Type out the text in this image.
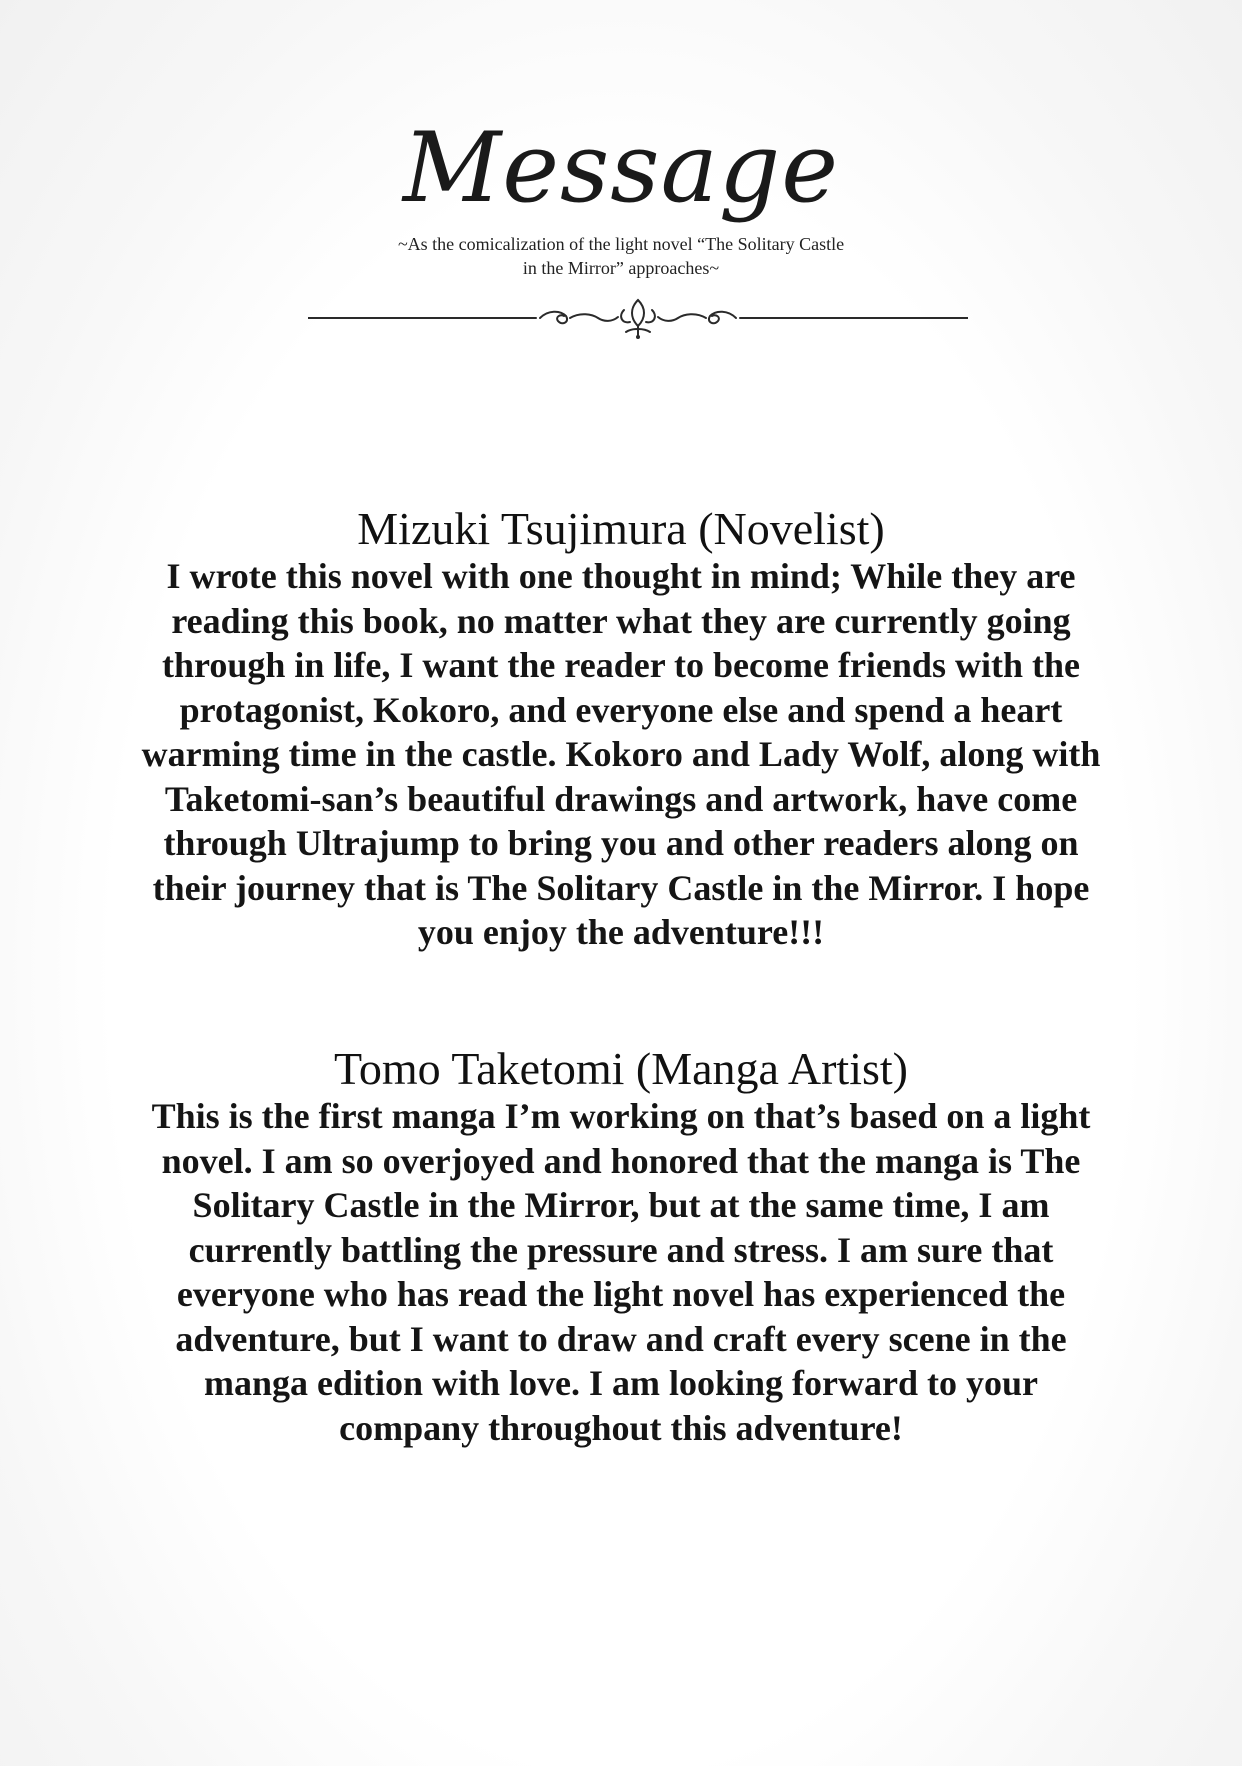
Message

~As the comicalization of the light novel “The Solitary Castle in the Mirror” approaches~

Mizuki Tsujimura (Novelist)

I wrote this novel with one thought in mind; While they are reading this book, no matter what they are currently going through in life, I want the reader to become friends with the protagonist, Kokoro, and everyone else and spend a heart warming time in the castle. Kokoro and Lady Wolf, along with Taketomi-san’s beautiful drawings and artwork, have come through Ultrajump to bring you and other readers along on their journey that is The Solitary Castle in the Mirror. I hope you enjoy the adventure!!!

Tomo Taketomi (Manga Artist)

This is the first manga I’m working on that’s based on a light novel. I am so overjoyed and honored that the manga is The Solitary Castle in the Mirror, but at the same time, I am currently battling the pressure and stress. I am sure that everyone who has read the light novel has experienced the adventure, but I want to draw and craft every scene in the manga edition with love. I am looking forward to your company throughout this adventure!
